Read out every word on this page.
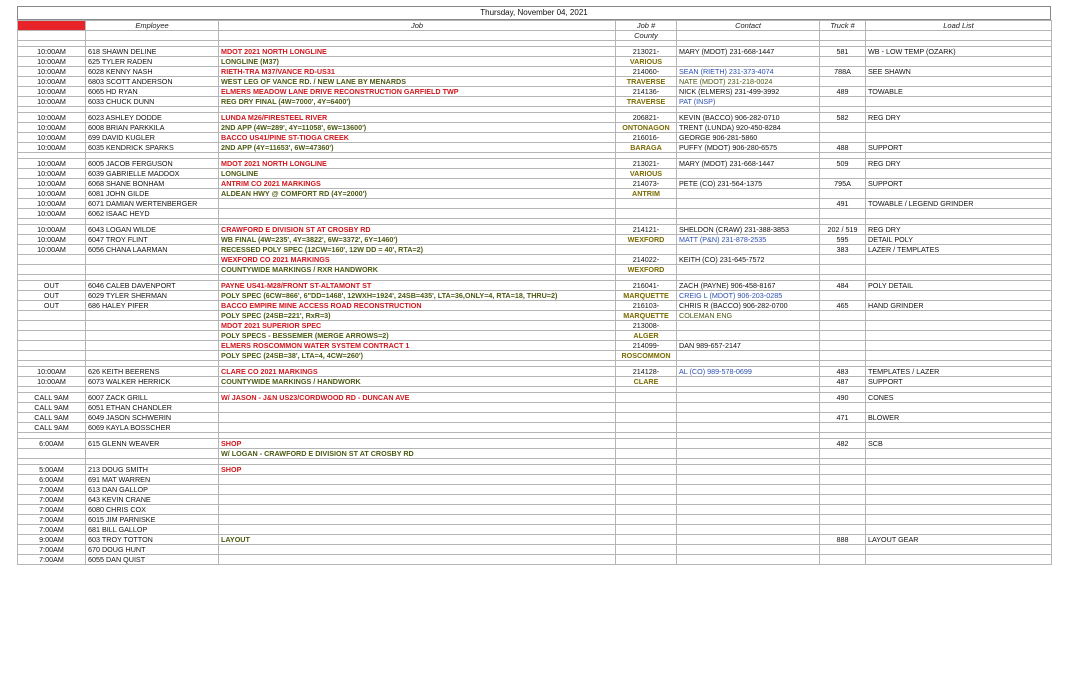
Thursday, November 04, 2021
Time	Employee	Job	Job #	Contact	Truck #	Load List
			County			

10:00AM	618 SHAWN DELINE	MDOT 2021 NORTH LONGLINE	213021-	MARY (MDOT) 231-668-1447	581	WB - LOW TEMP (OZARK)
10:00AM	625 TYLER RADEN	LONGLINE (M37)	VARIOUS			
10:00AM	6028 KENNY NASH	RIETH-TRA M37/VANCE RD-US31	214060-	SEAN (RIETH) 231-373-4074	788A	SEE SHAWN
10:00AM	6803 SCOTT ANDERSON	WEST LEG OF VANCE RD. / NEW LANE BY MENARDS	TRAVERSE	NATE (MDOT) 231-218-0024		
10:00AM	6065 HD RYAN	ELMERS MEADOW LANE DRIVE RECONSTRUCTION GARFIELD TWP	214136-	NICK (ELMERS) 231-499-3992	489	TOWABLE
10:00AM	6033 CHUCK DUNN	REG DRY FINAL (4W=7000', 4Y=6400')	TRAVERSE	PAT (INSP)		

10:00AM	6023 ASHLEY DODDE	LUNDA M26/FIRESTEEL RIVER	206821-	KEVIN (BACCO) 906-282-0710	582	REG DRY
10:00AM	6008 BRIAN PARKKILA	2ND APP (4W=289', 4Y=11058', 6W=13600')	ONTONAGON	TRENT (LUNDA) 920-450-8284		
10:00AM	699 DAVID KUGLER	BACCO US41/PINE ST-TIOGA CREEK	216016-	GEORGE 906-281-5860		
10:00AM	6035 KENDRICK SPARKS	2ND APP (4Y=11653', 6W=47360')	BARAGA	PUFFY (MDOT) 906-280-6575	488	SUPPORT

10:00AM	6005 JACOB FERGUSON	MDOT 2021 NORTH LONGLINE	213021-	MARY (MDOT) 231-668-1447	509	REG DRY
10:00AM	6039 GABRIELLE MADDOX	LONGLINE	VARIOUS			
10:00AM	6068 SHANE BONHAM	ANTRIM CO 2021 MARKINGS	214073-	PETE (CO) 231-564-1375	795A	SUPPORT
10:00AM	6081 JOHN GILDE	ALDEAN HWY @ COMFORT RD (4Y=2000')	ANTRIM			
10:00AM	6071 DAMIAN WERTENBERGER				491	TOWABLE / LEGEND GRINDER
10:00AM	6062 ISAAC HEYD					

10:00AM	6043 LOGAN WILDE	CRAWFORD E DIVISION ST AT CROSBY RD	214121-	SHELDON (CRAW) 231-388-3853	202 / 519	REG DRY
10:00AM	6047 TROY FLINT	WB FINAL (4W=235', 4Y=3822', 6W=3372', 6Y=1460')	WEXFORD	MATT (P&N) 231-878-2535	595	DETAIL POLY
10:00AM	6056 CHANA LAARMAN	RECESSED POLY SPEC (12CW=160', 12W DD = 40', RTA=2)			383	LAZER / TEMPLATES
		WEXFORD CO 2021 MARKINGS	214022-	KEITH (CO) 231-645-7572		
		COUNTYWIDE MARKINGS / RXR HANDWORK	WEXFORD			

OUT	6046 CALEB DAVENPORT	PAYNE US41-M28/FRONT ST-ALTAMONT ST	216041-	ZACH (PAYNE) 906-458-8167	484	POLY DETAIL
OUT	6029 TYLER SHERMAN	POLY SPEC (6CW=866', 6"DD=1468', 12WXH=1924', 24SB=435', LTA=36,ONLY=4, RTA=18, THRU=2)	MARQUETTE	CREIG L (MDOT) 906-203-0285		
OUT	686 HALEY PIFER	BACCO EMPIRE MINE ACCESS ROAD RECONSTRUCTION	216103-	CHRIS R (BACCO) 906-282-0700	465	HAND GRINDER
		POLY SPEC (24SB=221', RxR=3)	MARQUETTE	COLEMAN ENG		
		MDOT 2021 SUPERIOR SPEC	213008-			
		POLY SPECS - BESSEMER (MERGE ARROWS=2)	ALGER			
		ELMERS ROSCOMMON WATER SYSTEM CONTRACT 1	214099-	DAN 989-657-2147		
		POLY SPEC (24SB=38', LTA=4, 4CW=260')	ROSCOMMON			

10:00AM	626 KEITH BEERENS	CLARE CO 2021 MARKINGS	214128-	AL (CO) 989-578-0699	483	TEMPLATES / LAZER
10:00AM	6073 WALKER HERRICK	COUNTYWIDE MARKINGS / HANDWORK	CLARE		487	SUPPORT

CALL 9AM	6007 ZACK GRILL	W/ JASON - J&N US23/CORDWOOD RD - DUNCAN AVE			490	CONES
CALL 9AM	6051 ETHAN CHANDLER					
CALL 9AM	6049 JASON SCHWERIN				471	BLOWER
CALL 9AM	6069 KAYLA BOSSCHER					

6:00AM	615 GLENN WEAVER	SHOP			482	SCB
		W/ LOGAN - CRAWFORD E DIVISION ST AT CROSBY RD				

5:00AM	213 DOUG SMITH	SHOP				
6:00AM	691 MAT WARREN					
7:00AM	613 DAN GALLOP					
7:00AM	643 KEVIN CRANE					
7:00AM	6080 CHRIS COX					
7:00AM	6015 JIM PARNISKE					
7:00AM	681 BILL GALLOP					
9:00AM	603 TROY TOTTON	LAYOUT			888	LAYOUT GEAR
7:00AM	670 DOUG HUNT					
7:00AM	6055 DAN QUIST					
